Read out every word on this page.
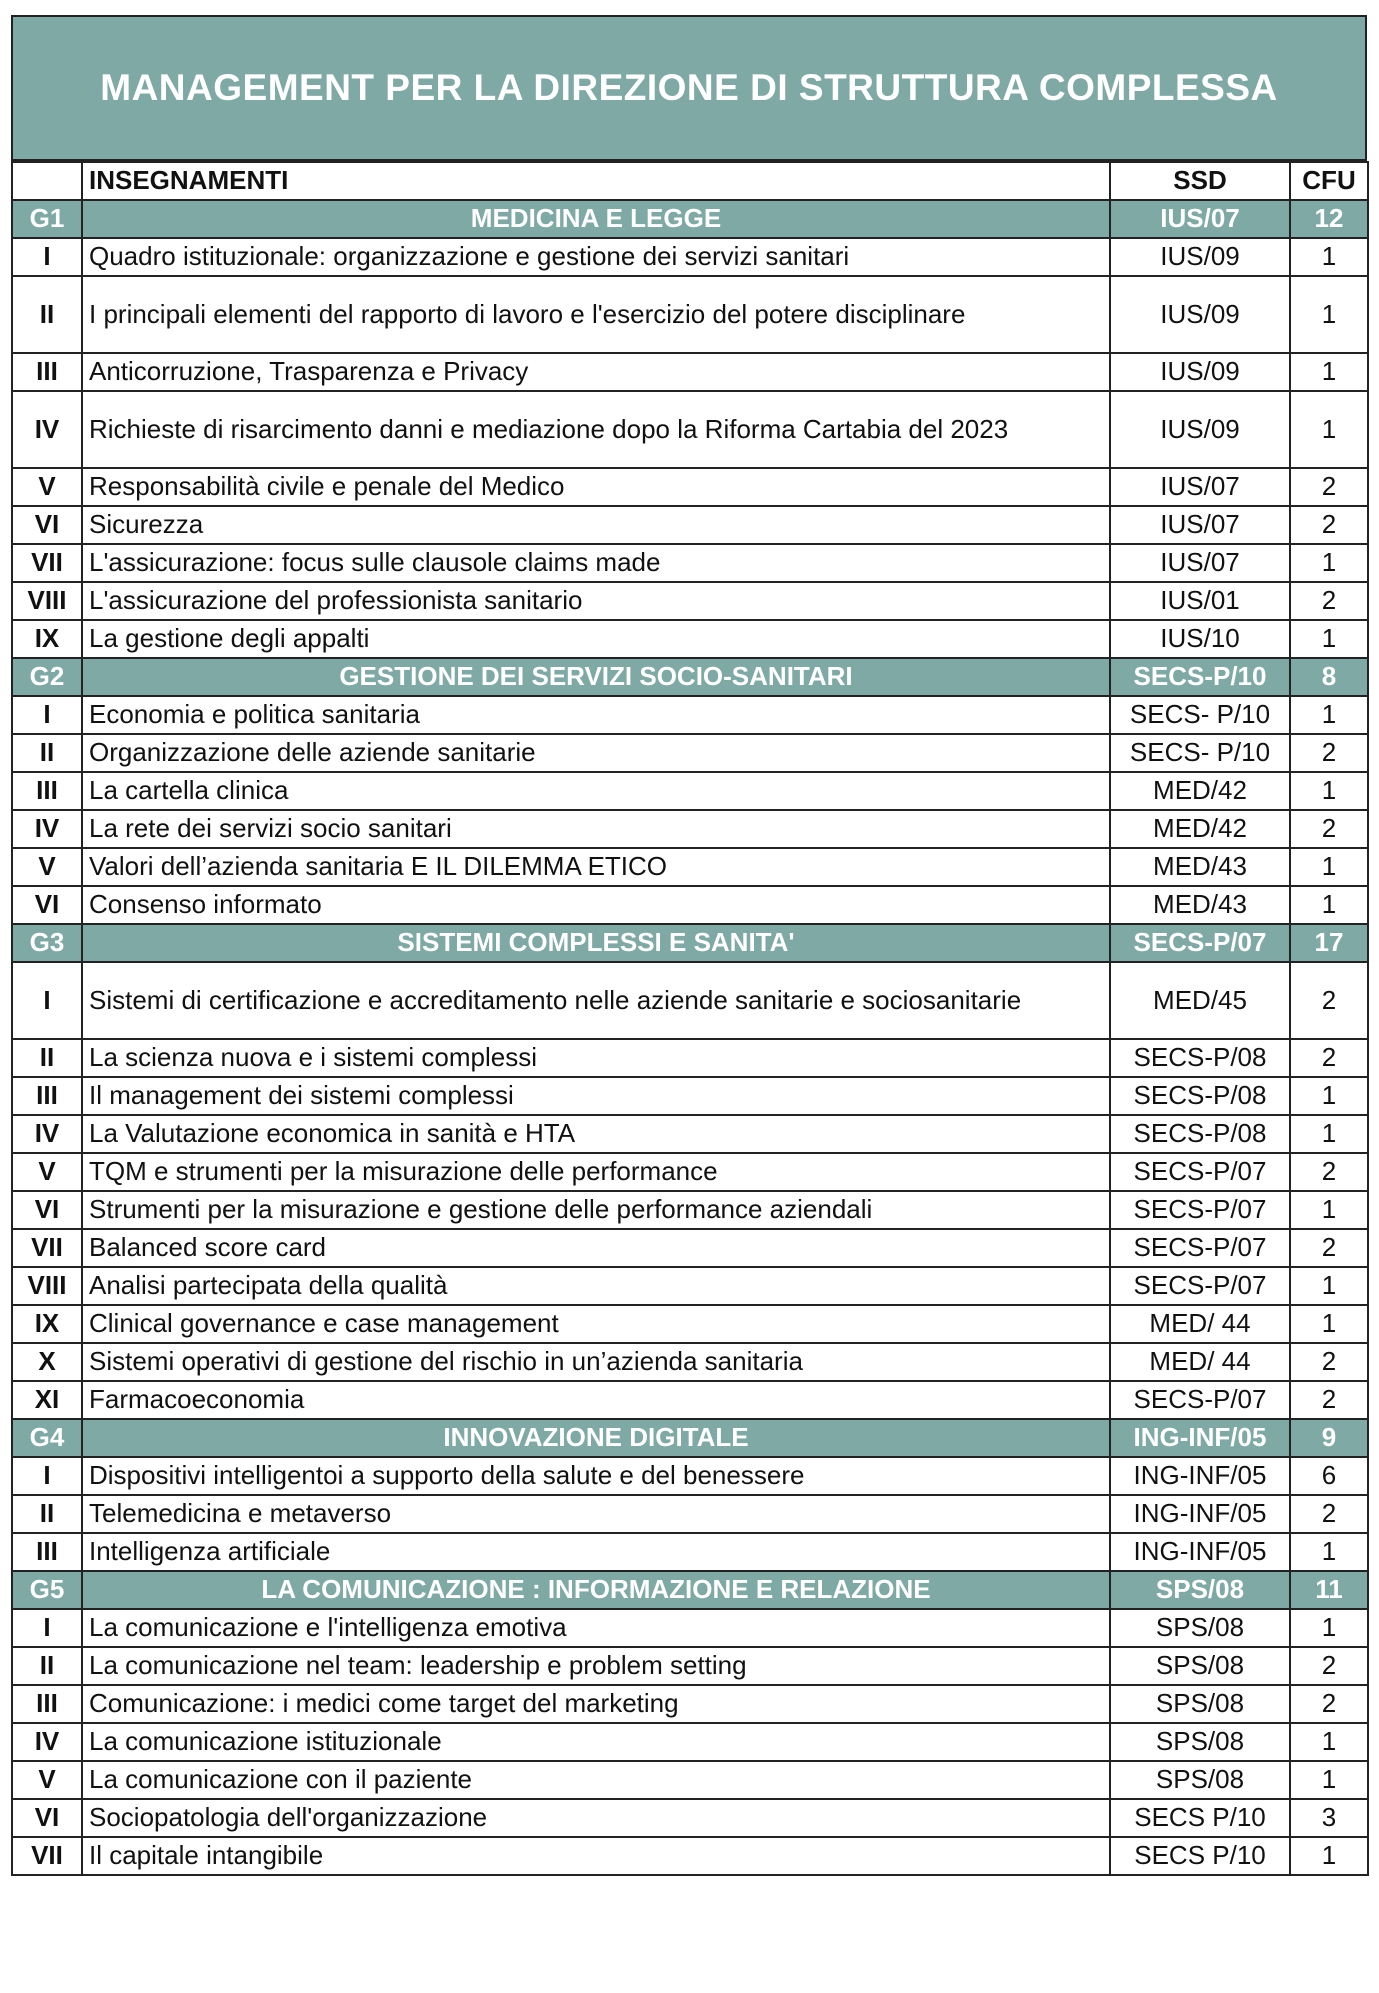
MANAGEMENT PER LA DIREZIONE DI STRUTTURA COMPLESSA
	INSEGNAMENTI	SSD	CFU
G1	MEDICINA E LEGGE	IUS/07	12
I	Quadro istituzionale: organizzazione e gestione dei servizi sanitari	IUS/09	1
II	I principali elementi del rapporto di lavoro e l'esercizio del potere disciplinare	IUS/09	1
III	Anticorruzione, Trasparenza e Privacy	IUS/09	1
IV	Richieste di risarcimento danni e mediazione dopo la Riforma Cartabia del 2023	IUS/09	1
V	Responsabilità civile e penale del Medico	IUS/07	2
VI	Sicurezza	IUS/07	2
VII	L'assicurazione: focus sulle clausole claims made	IUS/07	1
VIII	L'assicurazione del professionista sanitario	IUS/01	2
IX	La gestione degli appalti	IUS/10	1
G2	GESTIONE DEI SERVIZI SOCIO-SANITARI	SECS-P/10	8
I	Economia e politica sanitaria	SECS- P/10	1
II	Organizzazione delle aziende sanitarie	SECS- P/10	2
III	La cartella clinica	MED/42	1
IV	La rete dei servizi socio sanitari	MED/42	2
V	Valori dell’azienda sanitaria E IL DILEMMA ETICO	MED/43	1
VI	Consenso informato	MED/43	1
G3	SISTEMI COMPLESSI E SANITA'	SECS-P/07	17
I	Sistemi di certificazione e accreditamento nelle aziende sanitarie e sociosanitarie	MED/45	2
II	La scienza nuova e i sistemi complessi	SECS-P/08	2
III	Il management dei sistemi complessi	SECS-P/08	1
IV	La Valutazione economica in sanità e HTA	SECS-P/08	1
V	TQM e strumenti per la misurazione delle performance	SECS-P/07	2
VI	Strumenti per la misurazione e gestione delle performance aziendali	SECS-P/07	1
VII	Balanced score card	SECS-P/07	2
VIII	Analisi partecipata della qualità	SECS-P/07	1
IX	Clinical governance e case management	MED/ 44	1
X	Sistemi operativi di gestione del rischio in un’azienda sanitaria	MED/ 44	2
XI	Farmacoeconomia	SECS-P/07	2
G4	INNOVAZIONE DIGITALE	ING-INF/05	9
I	Dispositivi intelligentoi a supporto della salute e del benessere	ING-INF/05	6
II	Telemedicina e metaverso	ING-INF/05	2
III	Intelligenza artificiale	ING-INF/05	1
G5	LA COMUNICAZIONE : INFORMAZIONE E RELAZIONE	SPS/08	11
I	La comunicazione e l'intelligenza emotiva	SPS/08	1
II	La comunicazione nel team: leadership e problem setting	SPS/08	2
III	Comunicazione: i medici come target del marketing	SPS/08	2
IV	La comunicazione istituzionale	SPS/08	1
V	La comunicazione con il paziente	SPS/08	1
VI	Sociopatologia dell'organizzazione	SECS P/10	3
VII	Il capitale intangibile	SECS P/10	1
